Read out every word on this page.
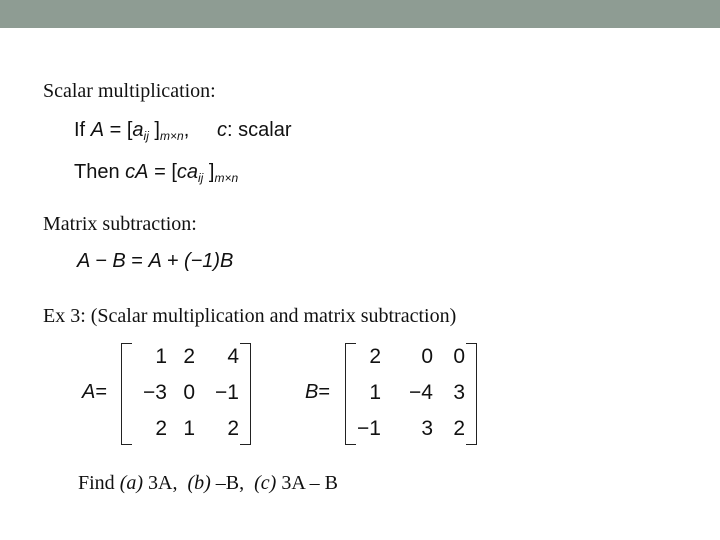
Scalar multiplication:
If $A = [a_{ij}$ ]$_{m\times n}$, c: scalar
Then cA = [$ca_{ij}$ ]$_{m\times n}$
Matrix subtraction:
A − B = A + (−1)B
Ex 3: (Scalar multiplication and matrix subtraction)
A=
1 2	4
−3 0 −1
2 1	2
B=
2	0 0
1	−4 3
−1	3 2
Find (a) 3A, (b) –B, (c) 3A – B
